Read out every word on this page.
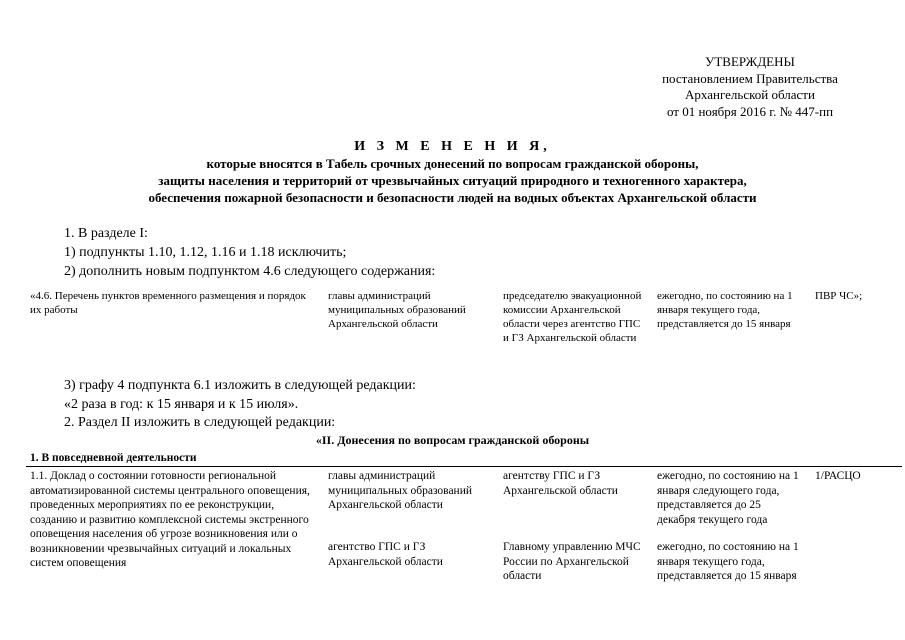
УТВЕРЖДЕНЫ
постановлением Правительства
Архангельской области
от 01 ноября 2016 г. № 447-пп
И З М Е Н Е Н И Я,
которые вносятся в Табель срочных донесений по вопросам гражданской обороны,
защиты населения и территорий от чрезвычайных ситуаций природного и техногенного характера,
обеспечения пожарной безопасности и безопасности людей на водных объектах Архангельской области
1. В разделе I:
1) подпункты 1.10, 1.12, 1.16 и 1.18 исключить;
2) дополнить новым подпунктом 4.6 следующего содержания:
«4.6. Перечень пунктов временного размещения и порядок их работы
главы администраций муниципальных образований Архангельской области
председателю эвакуационной комиссии Архангельской области через агентство ГПС и ГЗ Архангельской области
ежегодно, по состоянию на 1 января текущего года, представляется до 15 января
ПВР ЧС»;
3) графу 4 подпункта 6.1 изложить в следующей редакции:
«2 раза в год: к 15 января и к 15 июля».
2. Раздел II изложить в следующей редакции:
«II. Донесения по вопросам гражданской обороны
1. В повседневной деятельности
1.1. Доклад о состоянии готовности региональной автоматизированной системы центрального оповещения, проведенных мероприятиях по ее реконструкции, созданию и развитию комплексной системы экстренного оповещения населения об угрозе возникновения или о возникновении чрезвычайных ситуаций и локальных систем оповещения
главы администраций муниципальных образований Архангельской области
агентству ГПС и ГЗ Архангельской области
ежегодно, по состоянию на 1 января следующего года, представляется до 25 декабря текущего года
1/РАСЦО
агентство ГПС и ГЗ Архангельской области
Главному управлению МЧС России по Архангельской области
ежегодно, по состоянию на 1 января текущего года, представляется до 15 января
